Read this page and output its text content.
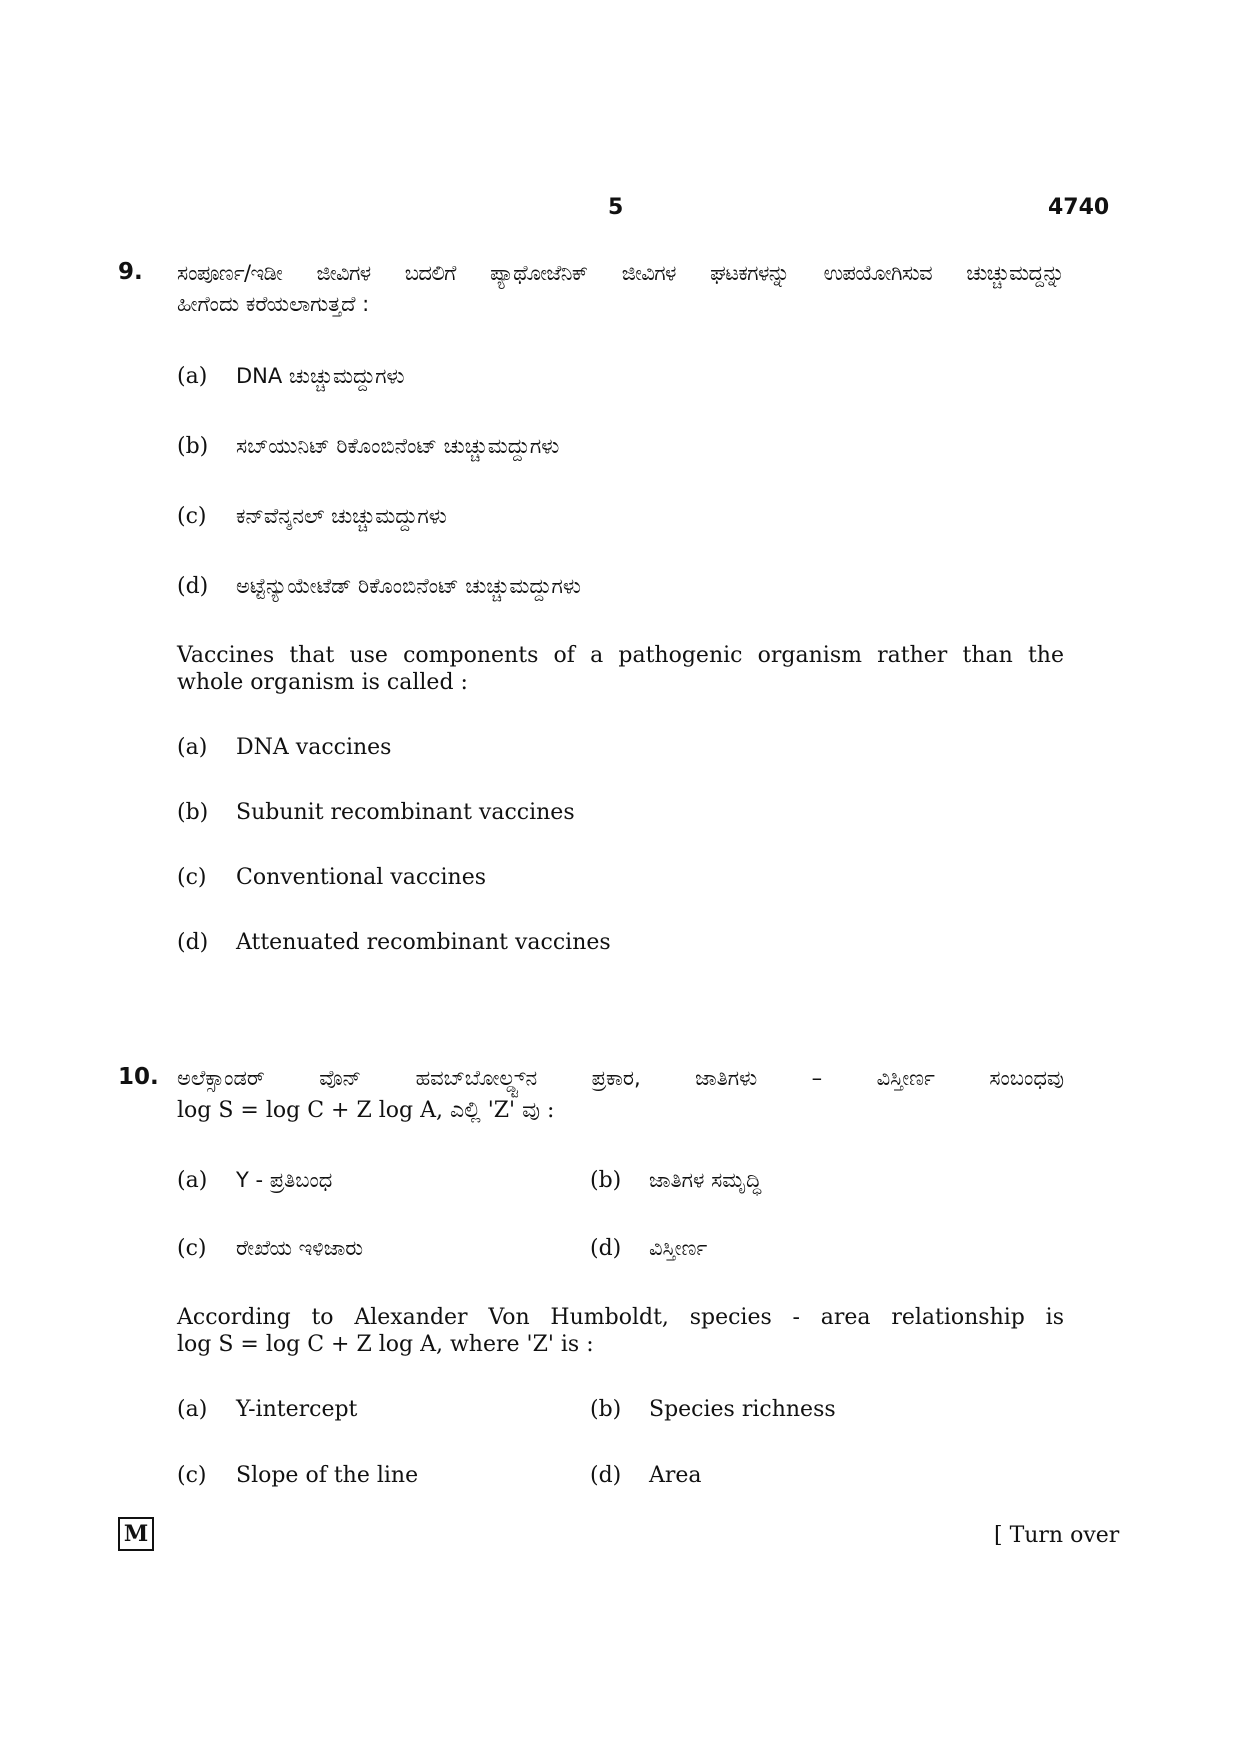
5	4740
9. ಸಂಪೂರ್ಣ/ಇಡೀ ಜೀವಿಗಳ ಬದಲಿಗೆ ಪ್ಯಾಥೋಜೆನಿಕ್ ಜೀವಿಗಳ ಘಟಕಗಳನ್ನು ಉಪಯೋಗಿಸುವ ಚುಚ್ಚುಮದ್ದನ್ನು
ಹೀಗೆಂದು ಕರೆಯಲಾಗುತ್ತದೆ :
(a) DNA ಚುಚ್ಚುಮದ್ದುಗಳು
(b) ಸಬ್‌ಯುನಿಟ್ ರಿಕೊಂಬಿನೆಂಟ್ ಚುಚ್ಚುಮದ್ದುಗಳು
(c) ಕನ್‌ವೆನ್ಶನಲ್ ಚುಚ್ಚುಮದ್ದುಗಳು
(d) ಅಟ್ಟೆನ್ಯುಯೇಟೆಡ್ ರಿಕೊಂಬಿನೆಂಟ್ ಚುಚ್ಚುಮದ್ದುಗಳು
Vaccines that use components of a pathogenic organism rather than the
whole organism is called :
(a) DNA vaccines
(b) Subunit recombinant vaccines
(c) Conventional vaccines
(d) Attenuated recombinant vaccines
10. ಅಲೆಕ್ಸಾಂಡರ್ ವೊನ್ ಹವಬ್‌ಬೋಲ್ಡ್ಟ್‌ನ ಪ್ರಕಾರ, ಜಾತಿಗಳು – ವಿಸ್ತೀರ್ಣ ಸಂಬಂಧವು
log S = log C + Z log A, ಎಲ್ಲಿ 'Z' ವು :
(a) Y - ಪ್ರತಿಬಂಧ	(b) ಜಾತಿಗಳ ಸಮೃದ್ಧಿ
(c) ರೇಖೆಯ ಇಳಿಜಾರು	(d) ವಿಸ್ತೀರ್ಣ
According to Alexander Von Humboldt, species - area relationship is
log S = log C + Z log A, where 'Z' is :
(a) Y-intercept	(b) Species richness
(c) Slope of the line	(d) Area
M	[ Turn over
